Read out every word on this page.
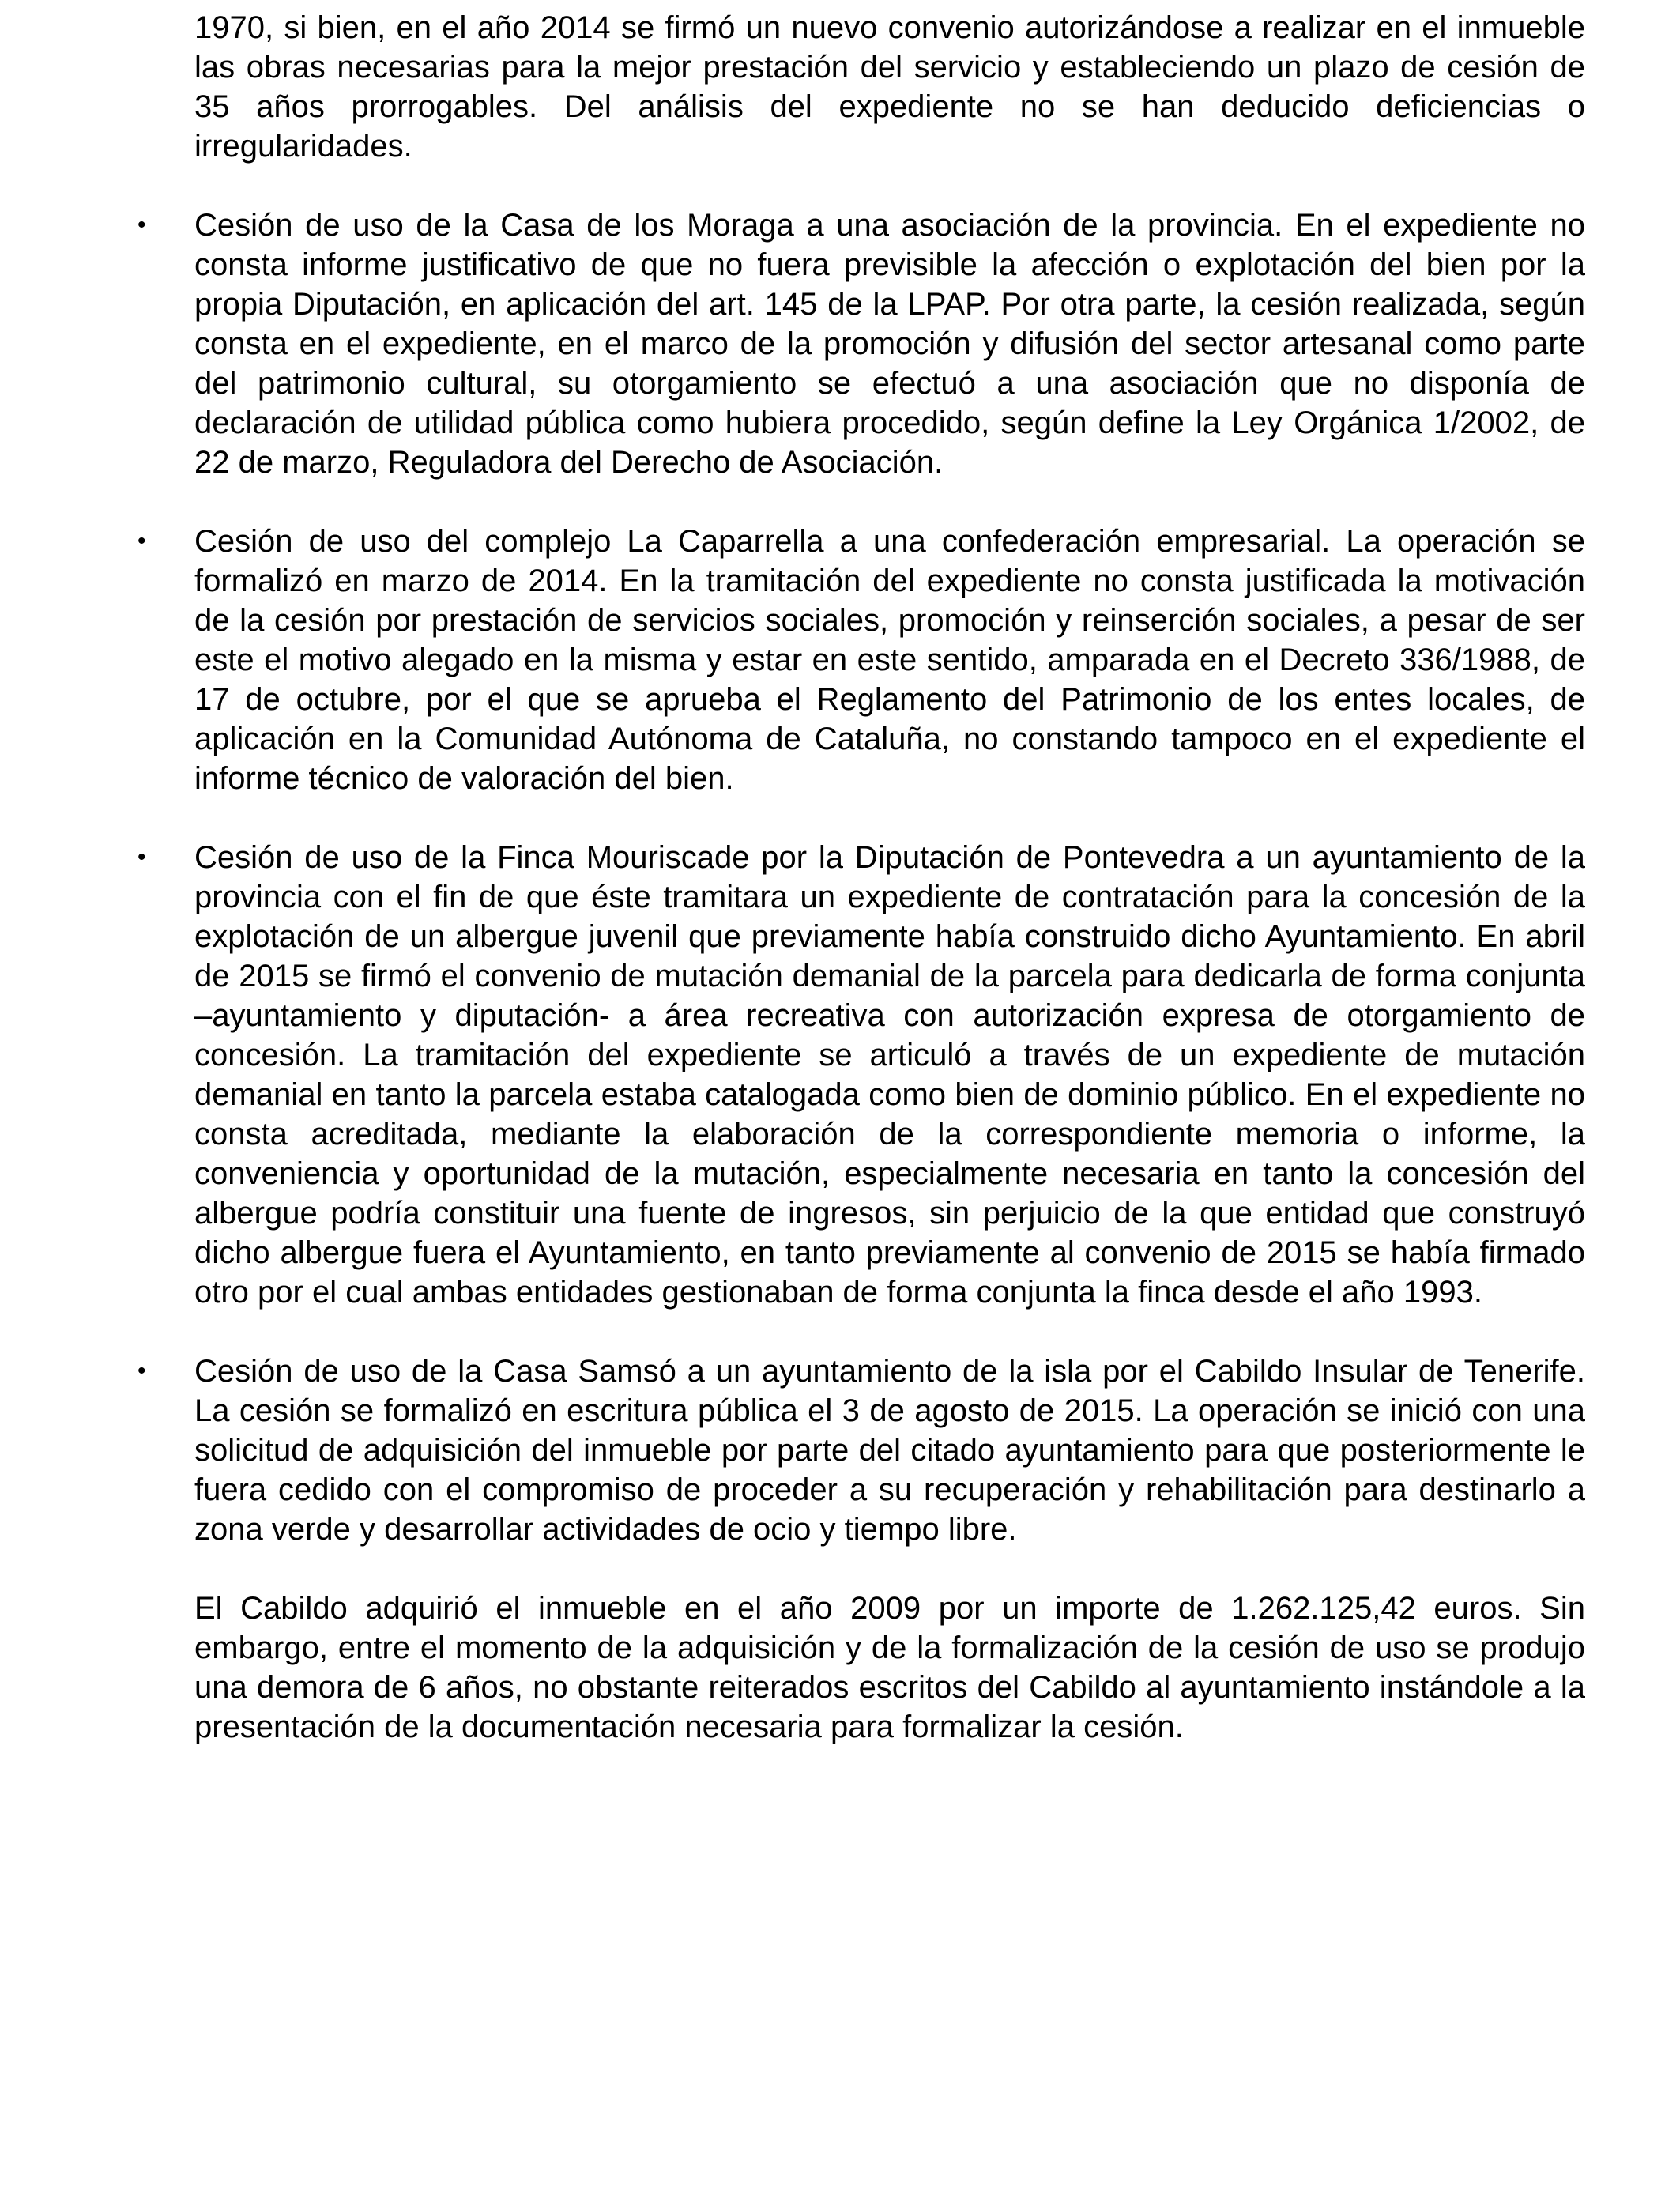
1970, si bien, en el año 2014 se firmó un nuevo convenio autorizándose a realizar en el inmueble las obras necesarias para la mejor prestación del servicio y estableciendo un plazo de cesión de 35 años prorrogables. Del análisis del expediente no se han deducido deficiencias o irregularidades.

• Cesión de uso de la Casa de los Moraga a una asociación de la provincia. En el expediente no consta informe justificativo de que no fuera previsible la afección o explotación del bien por la propia Diputación, en aplicación del art. 145 de la LPAP. Por otra parte, la cesión realizada, según consta en el expediente, en el marco de la promoción y difusión del sector artesanal como parte del patrimonio cultural, su otorgamiento se efectuó a una asociación que no disponía de declaración de utilidad pública como hubiera procedido, según define la Ley Orgánica 1/2002, de 22 de marzo, Reguladora del Derecho de Asociación.

• Cesión de uso del complejo La Caparrella a una confederación empresarial. La operación se formalizó en marzo de 2014. En la tramitación del expediente no consta justificada la motivación de la cesión por prestación de servicios sociales, promoción y reinserción sociales, a pesar de ser este el motivo alegado en la misma y estar en este sentido, amparada en el Decreto 336/1988, de 17 de octubre, por el que se aprueba el Reglamento del Patrimonio de los entes locales, de aplicación en la Comunidad Autónoma de Cataluña, no constando tampoco en el expediente el informe técnico de valoración del bien.

• Cesión de uso de la Finca Mouriscade por la Diputación de Pontevedra a un ayuntamiento de la provincia con el fin de que éste tramitara un expediente de contratación para la concesión de la explotación de un albergue juvenil que previamente había construido dicho Ayuntamiento. En abril de 2015 se firmó el convenio de mutación demanial de la parcela para dedicarla de forma conjunta –ayuntamiento y diputación- a área recreativa con autorización expresa de otorgamiento de concesión. La tramitación del expediente se articuló a través de un expediente de mutación demanial en tanto la parcela estaba catalogada como bien de dominio público. En el expediente no consta acreditada, mediante la elaboración de la correspondiente memoria o informe, la conveniencia y oportunidad de la mutación, especialmente necesaria en tanto la concesión del albergue podría constituir una fuente de ingresos, sin perjuicio de la que entidad que construyó dicho albergue fuera el Ayuntamiento, en tanto previamente al convenio de 2015 se había firmado otro por el cual ambas entidades gestionaban de forma conjunta la finca desde el año 1993.

• Cesión de uso de la Casa Samsó a un ayuntamiento de la isla por el Cabildo Insular de Tenerife. La cesión se formalizó en escritura pública el 3 de agosto de 2015. La operación se inició con una solicitud de adquisición del inmueble por parte del citado ayuntamiento para que posteriormente le fuera cedido con el compromiso de proceder a su recuperación y rehabilitación para destinarlo a zona verde y desarrollar actividades de ocio y tiempo libre.

El Cabildo adquirió el inmueble en el año 2009 por un importe de 1.262.125,42 euros. Sin embargo, entre el momento de la adquisición y de la formalización de la cesión de uso se produjo una demora de 6 años, no obstante reiterados escritos del Cabildo al ayuntamiento instándole a la presentación de la documentación necesaria para formalizar la cesión.
